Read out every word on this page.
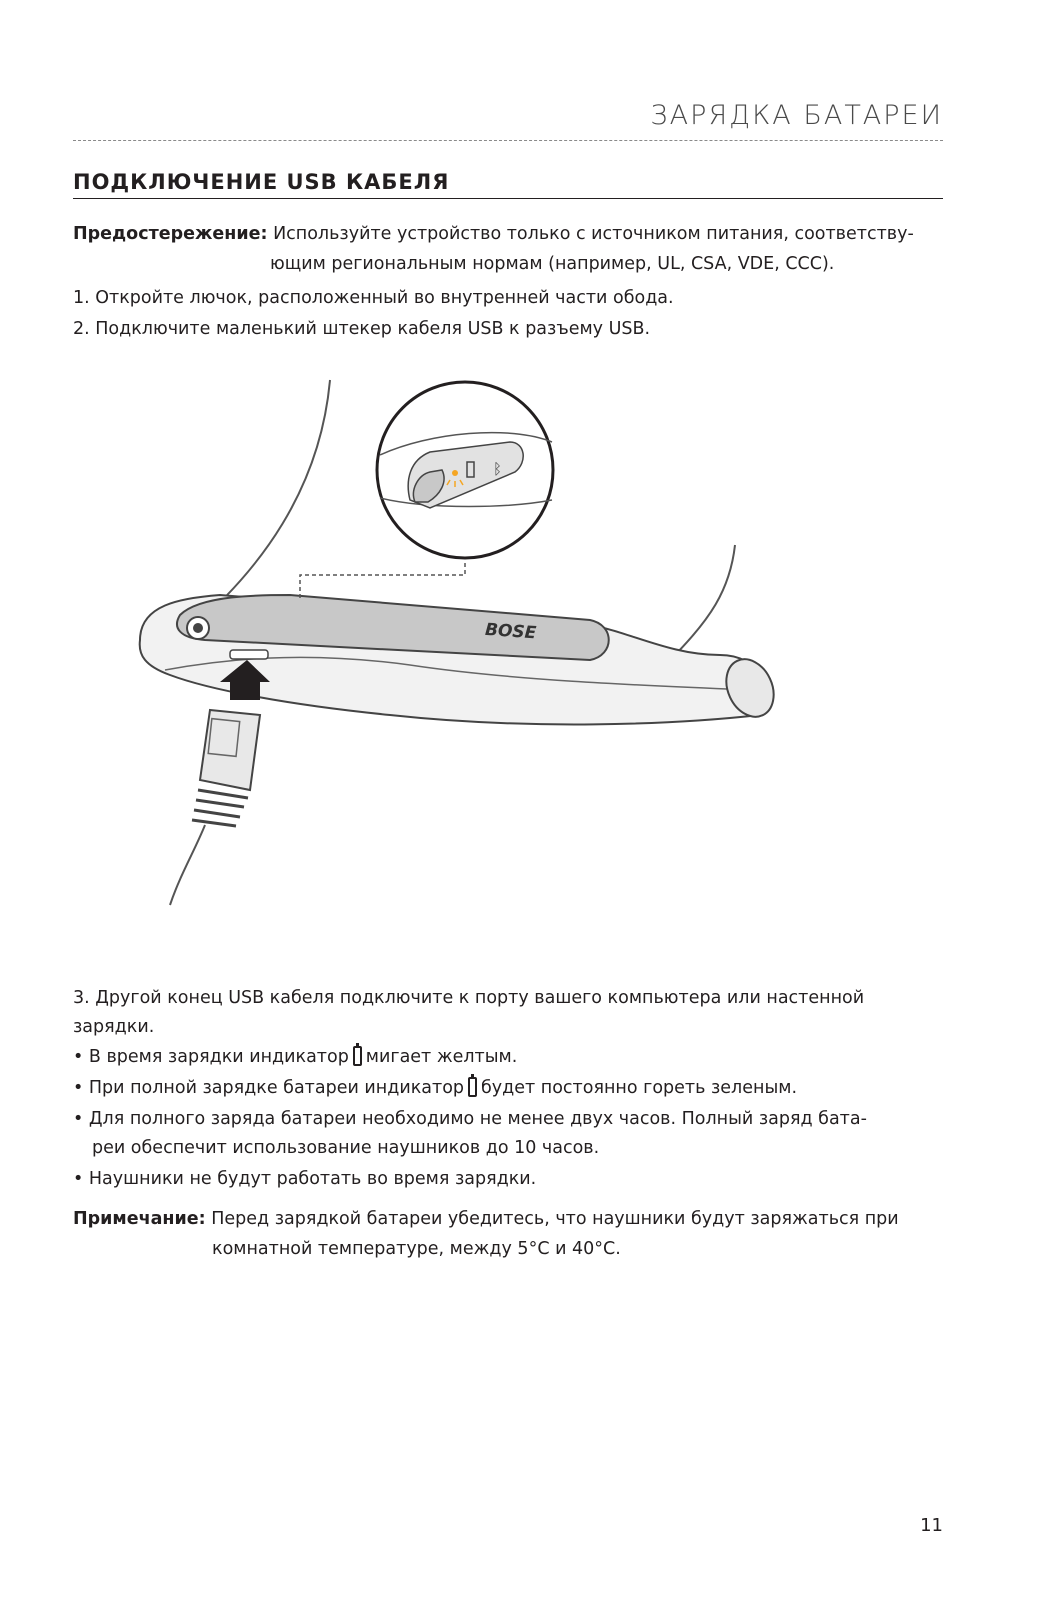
ЗАРЯДКА БАТАРЕИ
ПОДКЛЮЧЕНИЕ USB КАБЕЛЯ
Предостережение: Используйте устройство только с источником питания, соответству-
ющим региональным нормам (например, UL, CSA, VDE, CCC).
1. Откройте лючок, расположенный во внутренней части обода.
2. Подключите маленький штекер кабеля USB к разъему USB.
BOSE
ᛒ
3. Другой конец USB кабеля подключите к порту вашего компьютера или настенной
зарядки.
• В время зарядки индикатор мигает желтым.
• При полной зарядке батареи индикатор будет постоянно гореть зеленым.
• Для полного заряда батареи необходимо не менее двух часов. Полный заряд бата-
реи обеспечит использование наушников до 10 часов.
• Наушники не будут работать во время зарядки.
Примечание: Перед зарядкой батареи убедитесь, что наушники будут заряжаться при
комнатной температуре, между 5°C и 40°C.
11
